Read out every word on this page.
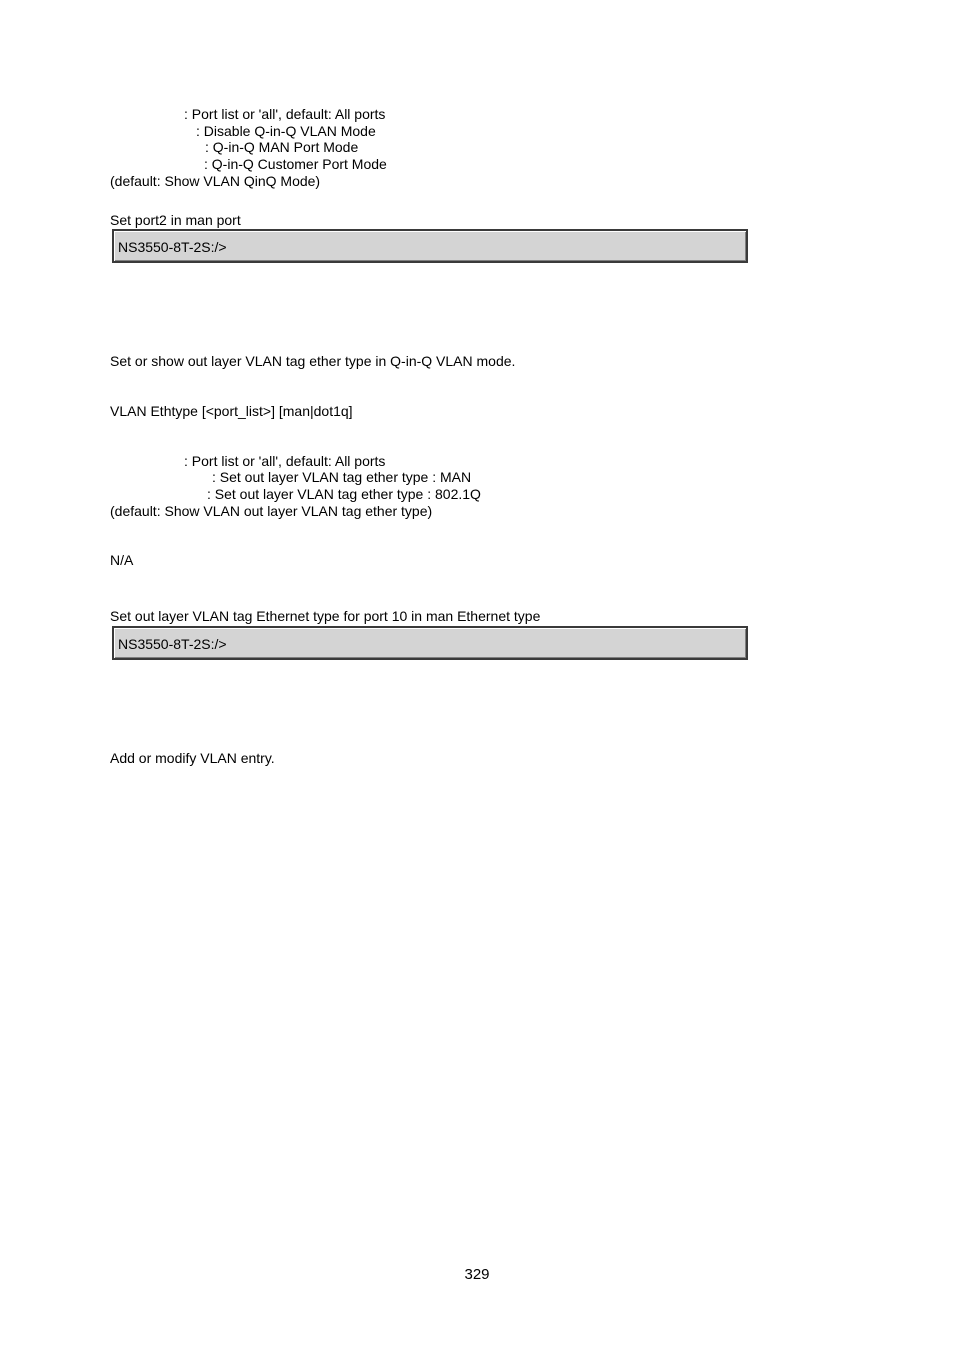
: Port list or 'all', default: All ports
: Disable Q-in-Q VLAN Mode
: Q-in-Q MAN Port Mode
: Q-in-Q Customer Port Mode
(default: Show VLAN QinQ Mode)
Set port2 in man port
NS3550-8T-2S:/>
Set or show out layer VLAN tag ether type in Q-in-Q VLAN mode.
VLAN Ethtype [<port_list>] [man|dot1q]
: Port list or 'all', default: All ports
: Set out layer VLAN tag ether type : MAN
: Set out layer VLAN tag ether type : 802.1Q
(default: Show VLAN out layer VLAN tag ether type)
N/A
Set out layer VLAN tag Ethernet type for port 10 in man Ethernet type
NS3550-8T-2S:/>
Add or modify VLAN entry.
329
